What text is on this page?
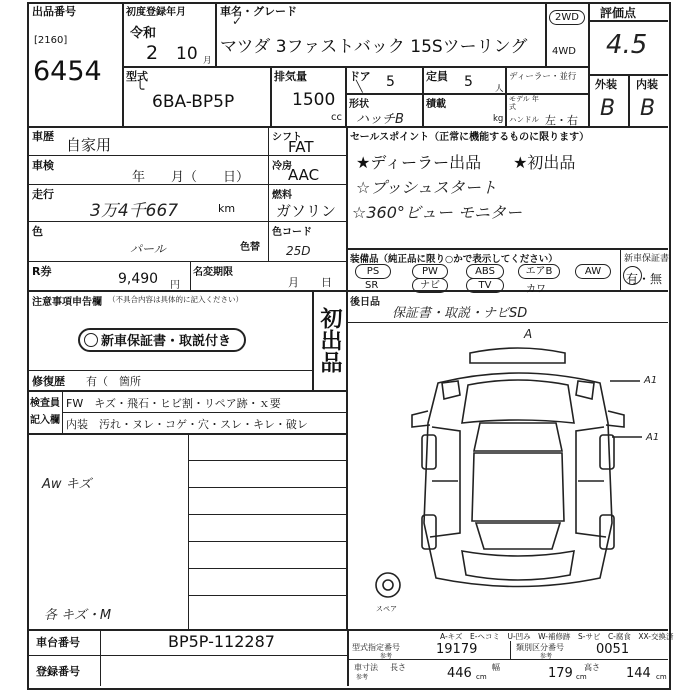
出品番号
[2160]
6454
初度登録年月
令和
2 10 月
車名・グレード
✓
マツダ 3ファストバック 15Sツーリング
2WD
4WD
評価点
4.5
外装 内装
B B
型式
╰
6BA-BP5P
排気量
1500
cc
ドア
╲ 5	定員 5	人
ディーラー・並行
モデル 年式
ハンドル 左・右
形状
ハッチB
積載
kg
車歴 自家用
車検
年　　月（　　日）
走行
3万4千667	km
色
パール
R券	9,490 円
シフト
FAT
冷房
AAC
燃料
ガソリン
色コード
25D
色替
名変期限
月　　日
セールスポイント（正常に機能するものに限ります）
★ディーラー出品　　★初出品
☆プッシュスタート
☆360°ビュー モニター
装備品（純正品に限り○かで表示してください）
PS	PW	ABS	エアB	AW
SR	ナビ	TV	カワ
新車保証書
有・無
後日品
保証書・取説・ナビSD
注意事項申告欄 （不具合内容は具体的に記入ください）
新車保証書・取説付き	初出品
修復歴 有（　箇所
検査員
記入欄
FW　キズ・飛石・ヒビ割・リペア跡・ｘ要
内装　汚れ・ヌレ・コゲ・穴・スレ・キレ・破レ
Aw キズ
各 キズ・M
A
A1
A1
スペア
A-キズ　E-ヘコミ　U-凹み　W-補修跡　S-サビ　C-腐食　XX-交換済
車台番号	BP5P-112287
登録番号
型式指定番号
参考	19179	類別区分番号
参考	0051
車寸法
参考
長さ	446 cm
幅	179 cm
高さ 144 cm
